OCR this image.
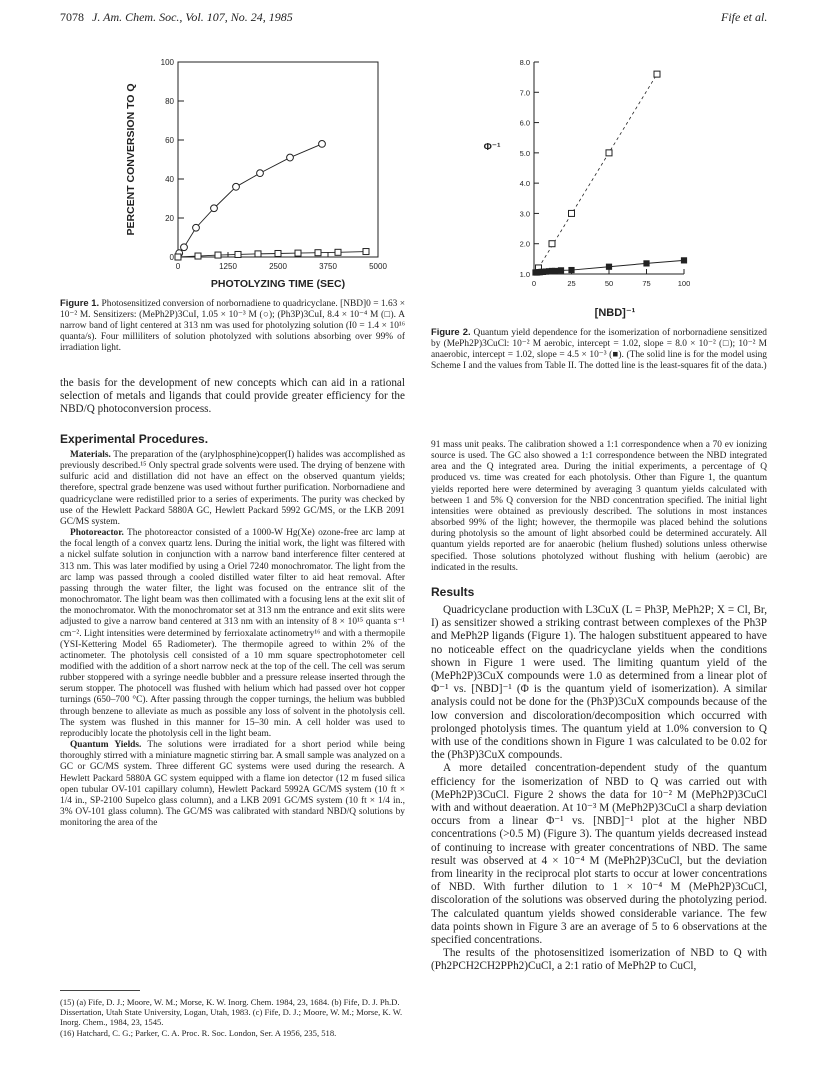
7078 J. Am. Chem. Soc., Vol. 107, No. 24, 1985	Fife et al.
0	1250	2500	3750	5000
0
20
40
60
80
100
PHOTOLYZING TIME (SEC)
PERCENT CONVERSION TO Q
Figure 1. Photosensitized conversion of norbornadiene to quadricyclane. [NBD]0 = 1.63 × 10⁻² M. Sensitizers: (MePh2P)3CuI, 1.05 × 10⁻³ M (○); (Ph3P)3CuI, 8.4 × 10⁻⁴ M (□). A narrow band of light centered at 313 nm was used for photolyzing solution (I0 = 1.4 × 10¹⁶ quanta/s). Four milliliters of solution photolyzed with solutions absorbing over 99% of irradiation light.
0	25	50	75	100
1.0
2.0
3.0
4.0
5.0
6.0
7.0
8.0
[NBD]⁻¹
Φ⁻¹
Figure 2. Quantum yield dependence for the isomerization of norbornadiene sensitized by (MePh2P)3CuCl: 10⁻² M aerobic, intercept = 1.02, slope = 8.0 × 10⁻² (□); 10⁻² M anaerobic, intercept = 1.02, slope = 4.5 × 10⁻³ (■). (The solid line is for the model using Scheme I and the values from Table II. The dotted line is the least-squares fit of the data.)

the basis for the development of new concepts which can aid in a rational selection of metals and ligands that could provide greater efficiency for the NBD/Q photoconversion process.

Experimental Procedures.

Materials. The preparation of the (arylphosphine)copper(I) halides was accomplished as previously described.¹⁵ Only spectral grade solvents were used. The drying of benzene with sulfuric acid and distillation did not have an effect on the observed quantum yields; therefore, spectral grade benzene was used without further purification. Norbornadiene and quadricyclane were redistilled prior to a series of experiments. The purity was checked by use of the Hewlett Packard 5880A GC, Hewlett Packard 5992 GC/MS, or the LKB 2091 GC/MS system.

Photoreactor. The photoreactor consisted of a 1000-W Hg(Xe) ozone-free arc lamp at the focal length of a convex quartz lens. During the initial work, the light was filtered with a nickel sulfate solution in conjunction with a narrow band interference filter centered at 313 nm. This was later modified by using a Oriel 7240 monochromator. The light from the arc lamp was passed through a cooled distilled water filter to aid heat removal. After passing through the water filter, the light was focused on the entrance slit of the monochromator. The light beam was then collimated with a focusing lens at the exit slit of the monochromator. With the monochromator set at 313 nm the entrance and exit slits were adjusted to give a narrow band centered at 313 nm with an intensity of 8 × 10¹⁵ quanta s⁻¹ cm⁻². Light intensities were determined by ferrioxalate actinometry¹⁶ and with a thermopile (YSI-Kettering Model 65 Radiometer). The thermopile agreed to within 2% of the actinometer. The photolysis cell consisted of a 10 mm square spectrophotometer cell modified with the addition of a short narrow neck at the top of the cell. The cell was serum rubber stoppered with a syringe needle bubbler and a pressure release inserted through the serum stopper. The photocell was flushed with helium which had passed over hot copper turnings (650–700 °C). After passing through the copper turnings, the helium was bubbled through benzene to alleviate as much as possible any loss of solvent in the photolysis cell. The system was flushed in this manner for 15–30 min. A cell holder was used to reproducibly locate the photolysis cell in the light beam.

Quantum Yields. The solutions were irradiated for a short period while being thoroughly stirred with a miniature magnetic stirring bar. A small sample was analyzed on a GC or GC/MS system. Three different GC systems were used during the research. A Hewlett Packard 5880A GC system equipped with a flame ion detector (12 m fused silica open tubular OV-101 capillary column), Hewlett Packard 5992A GC/MS system (10 ft × 1/4 in., SP-2100 Supelco glass column), and a LKB 2091 GC/MS system (10 ft × 1/4 in., 3% OV-101 glass column). The GC/MS was calibrated with standard NBD/Q solutions by monitoring the area of the

(15) (a) Fife, D. J.; Moore, W. M.; Morse, K. W. Inorg. Chem. 1984, 23, 1684. (b) Fife, D. J. Ph.D. Dissertation, Utah State University, Logan, Utah, 1983. (c) Fife, D. J.; Moore, W. M.; Morse, K. W. Inorg. Chem., 1984, 23, 1545.

(16) Hatchard, C. G.; Parker, C. A. Proc. R. Soc. London, Ser. A 1956, 235, 518.

91 mass unit peaks. The calibration showed a 1:1 correspondence when a 70 ev ionizing source is used. The GC also showed a 1:1 correspondence between the NBD integrated area and the Q integrated area. During the initial experiments, a percentage of Q produced vs. time was created for each photolysis. Other than Figure 1, the quantum yields reported here were determined by averaging 3 quantum yields calculated with between 1 and 5% Q conversion for the NBD concentration specified. The initial light intensities were obtained as previously described. The solutions in most instances absorbed 99% of the light; however, the thermopile was placed behind the solutions during photolysis so the amount of light absorbed could be determined accurately. All quantum yields reported are for anaerobic (helium flushed) solutions unless otherwise specified. Those solutions photolyzed without flushing with helium (aerobic) are indicated in the results.

Results

Quadricyclane production with L3CuX (L = Ph3P, MePh2P; X = Cl, Br, I) as sensitizer showed a striking contrast between complexes of the Ph3P and MePh2P ligands (Figure 1). The halogen substituent appeared to have no noticeable effect on the quadricyclane yields when the conditions shown in Figure 1 were used. The limiting quantum yield of the (MePh2P)3CuX compounds were 1.0 as determined from a linear plot of Φ⁻¹ vs. [NBD]⁻¹ (Φ is the quantum yield of isomerization). A similar analysis could not be done for the (Ph3P)3CuX compounds because of the low conversion and discoloration/decomposition which occurred with prolonged photolysis times. The quantum yield at 1.0% conversion to Q with use of the conditions shown in Figure 1 was calculated to be 0.02 for the (Ph3P)3CuX compounds.

A more detailed concentration-dependent study of the quantum efficiency for the isomerization of NBD to Q was carried out with (MePh2P)3CuCl. Figure 2 shows the data for 10⁻² M (MePh2P)3CuCl with and without deaeration. At 10⁻³ M (MePh2P)3CuCl a sharp deviation occurs from a linear Φ⁻¹ vs. [NBD]⁻¹ plot at the higher NBD concentrations (>0.5 M) (Figure 3). The quantum yields decreased instead of continuing to increase with greater concentrations of NBD. The same result was observed at 4 × 10⁻⁴ M (MePh2P)3CuCl, but the deviation from linearity in the reciprocal plot starts to occur at lower concentrations of NBD. With further dilution to 1 × 10⁻⁴ M (MePh2P)3CuCl, discoloration of the solutions was observed during the photolyzing period. The calculated quantum yields showed considerable variance. The few data points shown in Figure 3 are an average of 5 to 6 observations at the specified concentrations.

The results of the photosensitized isomerization of NBD to Q with (Ph2PCH2CH2PPh2)CuCl, a 2:1 ratio of MePh2P to CuCl,
